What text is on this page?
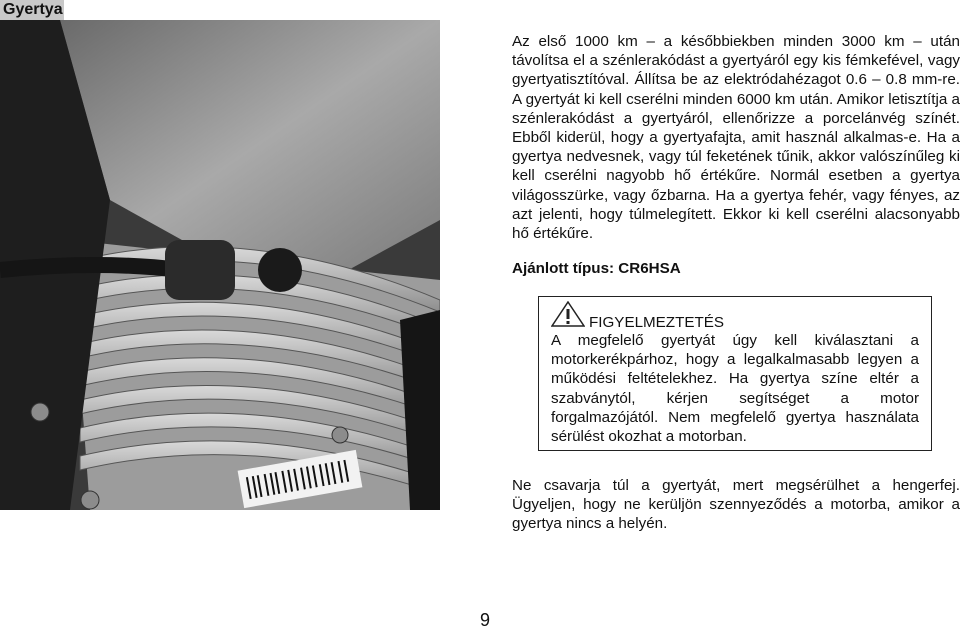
Gyertya
Az első 1000 km – a későbbiekben minden 3000 km – után távolítsa el a szénlerakódást a gyertyáról egy kis fémkefével, vagy gyertyatisztítóval. Állítsa be az elektródahézagot 0.6 – 0.8 mm-re. A gyertyát ki kell cserélni minden 6000 km után. Amikor letisztítja a szénlerakódást a gyertyáról, ellenőrizze a porcelánvég színét. Ebből kiderül, hogy a gyertyafajta, amit használ alkalmas-e. Ha a gyertya nedvesnek, vagy túl feketének tűnik, akkor valószínűleg ki kell cserélni nagyobb hő értékűre. Normál esetben a gyertya világosszürke, vagy őzbarna. Ha a gyertya fehér, vagy fényes, az azt jelenti, hogy túlmelegített. Ekkor ki kell cserélni alacsonyabb hő értékűre.
Ajánlott típus: CR6HSA
FIGYELMEZTETÉS
A megfelelő gyertyát úgy kell kiválasztani a motorkerékpárhoz, hogy a legalkalmasabb legyen a működési feltételekhez. Ha gyertya színe eltér a szabványtól, kérjen segítséget a motor forgalmazójától. Nem megfelelő gyertya használata sérülést okozhat a motorban.
Ne csavarja túl a gyertyát, mert megsérülhet a hengerfej. Ügyeljen, hogy ne kerüljön szennyeződés a motorba, amikor a gyertya nincs a helyén.
9
